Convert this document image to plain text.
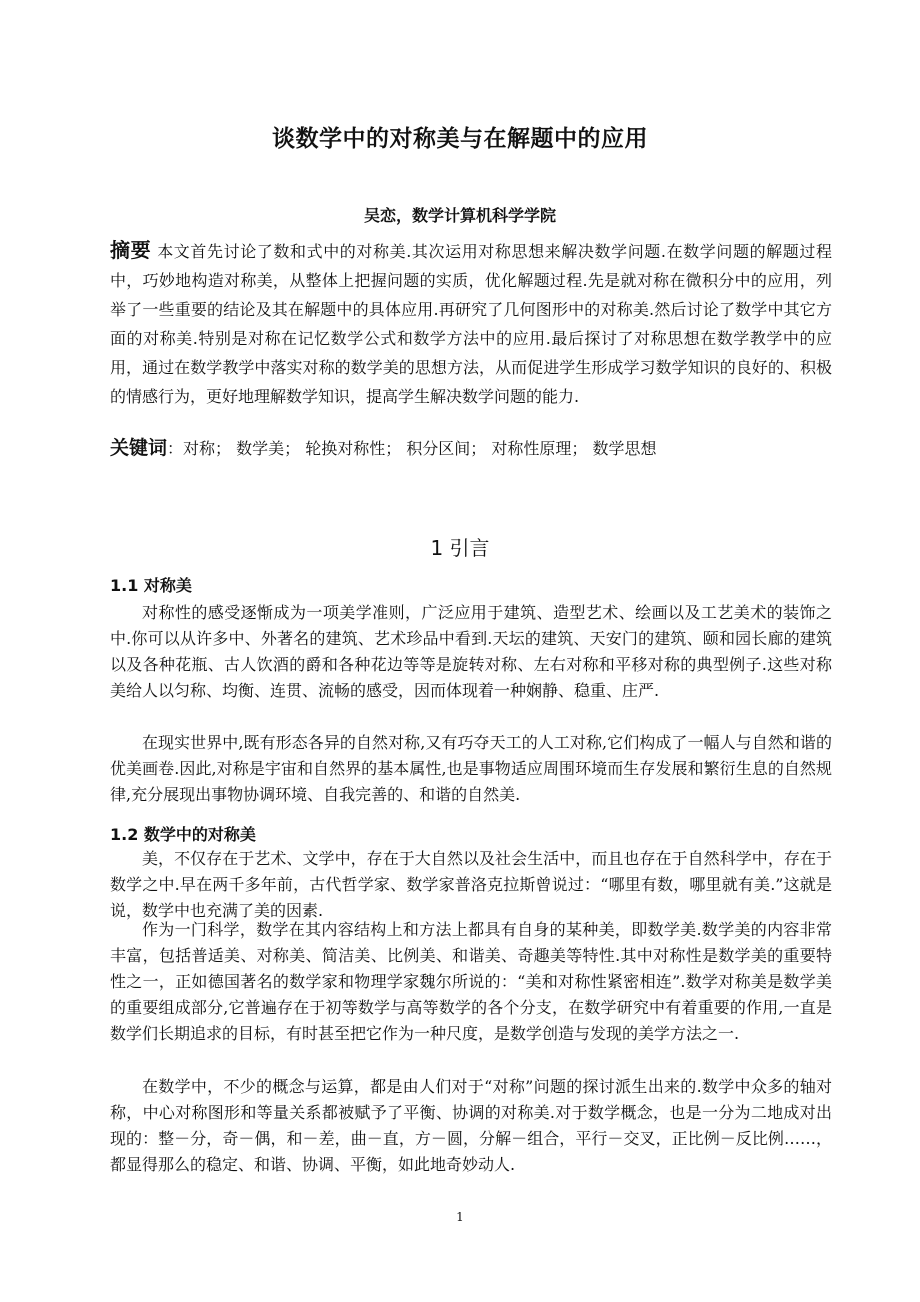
谈数学中的对称美与在解题中的应用
吴恋，数学计算机科学学院
摘要 本文首先讨论了数和式中的对称美.其次运用对称思想来解决数学问题.在数学问题的解题过程中，巧妙地构造对称美，从整体上把握问题的实质，优化解题过程.先是就对称在微积分中的应用，列举了一些重要的结论及其在解题中的具体应用.再研究了几何图形中的对称美.然后讨论了数学中其它方面的对称美.特别是对称在记忆数学公式和数学方法中的应用.最后探讨了对称思想在数学教学中的应用，通过在数学教学中落实对称的数学美的思想方法，从而促进学生形成学习数学知识的良好的、积极的情感行为，更好地理解数学知识，提高学生解决数学问题的能力.
关键词：对称； 数学美； 轮换对称性； 积分区间； 对称性原理； 数学思想
1 引言
1.1 对称美

对称性的感受逐惭成为一项美学准则，广泛应用于建筑、造型艺术、绘画以及工艺美术的装饰之中.你可以从许多中、外著名的建筑、艺术珍品中看到.天坛的建筑、天安门的建筑、颐和园长廊的建筑以及各种花瓶、古人饮酒的爵和各种花边等等是旋转对称、左右对称和平移对称的典型例子.这些对称美给人以匀称、均衡、连贯、流畅的感受，因而体现着一种娴静、稳重、庄严.

在现实世界中,既有形态各异的自然对称,又有巧夺天工的人工对称,它们构成了一幅人与自然和谐的优美画卷.因此,对称是宇宙和自然界的基本属性,也是事物适应周围环境而生存发展和繁衍生息的自然规律,充分展现出事物协调环境、自我完善的、和谐的自然美.

1.2 数学中的对称美

美，不仅存在于艺术、文学中，存在于大自然以及社会生活中，而且也存在于自然科学中，存在于数学之中.早在两千多年前，古代哲学家、数学家普洛克拉斯曾说过：“哪里有数，哪里就有美.”这就是说，数学中也充满了美的因素.

作为一门科学，数学在其内容结构上和方法上都具有自身的某种美，即数学美.数学美的内容非常丰富，包括普适美、对称美、简洁美、比例美、和谐美、奇趣美等特性.其中对称性是数学美的重要特性之一，正如德国著名的数学家和物理学家魏尔所说的：“美和对称性紧密相连”.数学对称美是数学美的重要组成部分,它普遍存在于初等数学与高等数学的各个分支，在数学研究中有着重要的作用,一直是数学们长期追求的目标，有时甚至把它作为一种尺度，是数学创造与发现的美学方法之一.

在数学中，不少的概念与运算，都是由人们对于“对称”问题的探讨派生出来的.数学中众多的轴对称，中心对称图形和等量关系都被赋予了平衡、协调的对称美.对于数学概念，也是一分为二地成对出现的：整－分，奇－偶，和－差，曲－直，方－圆，分解－组合，平行－交叉，正比例－反比例……，都显得那么的稳定、和谐、协调、平衡，如此地奇妙动人.

1
